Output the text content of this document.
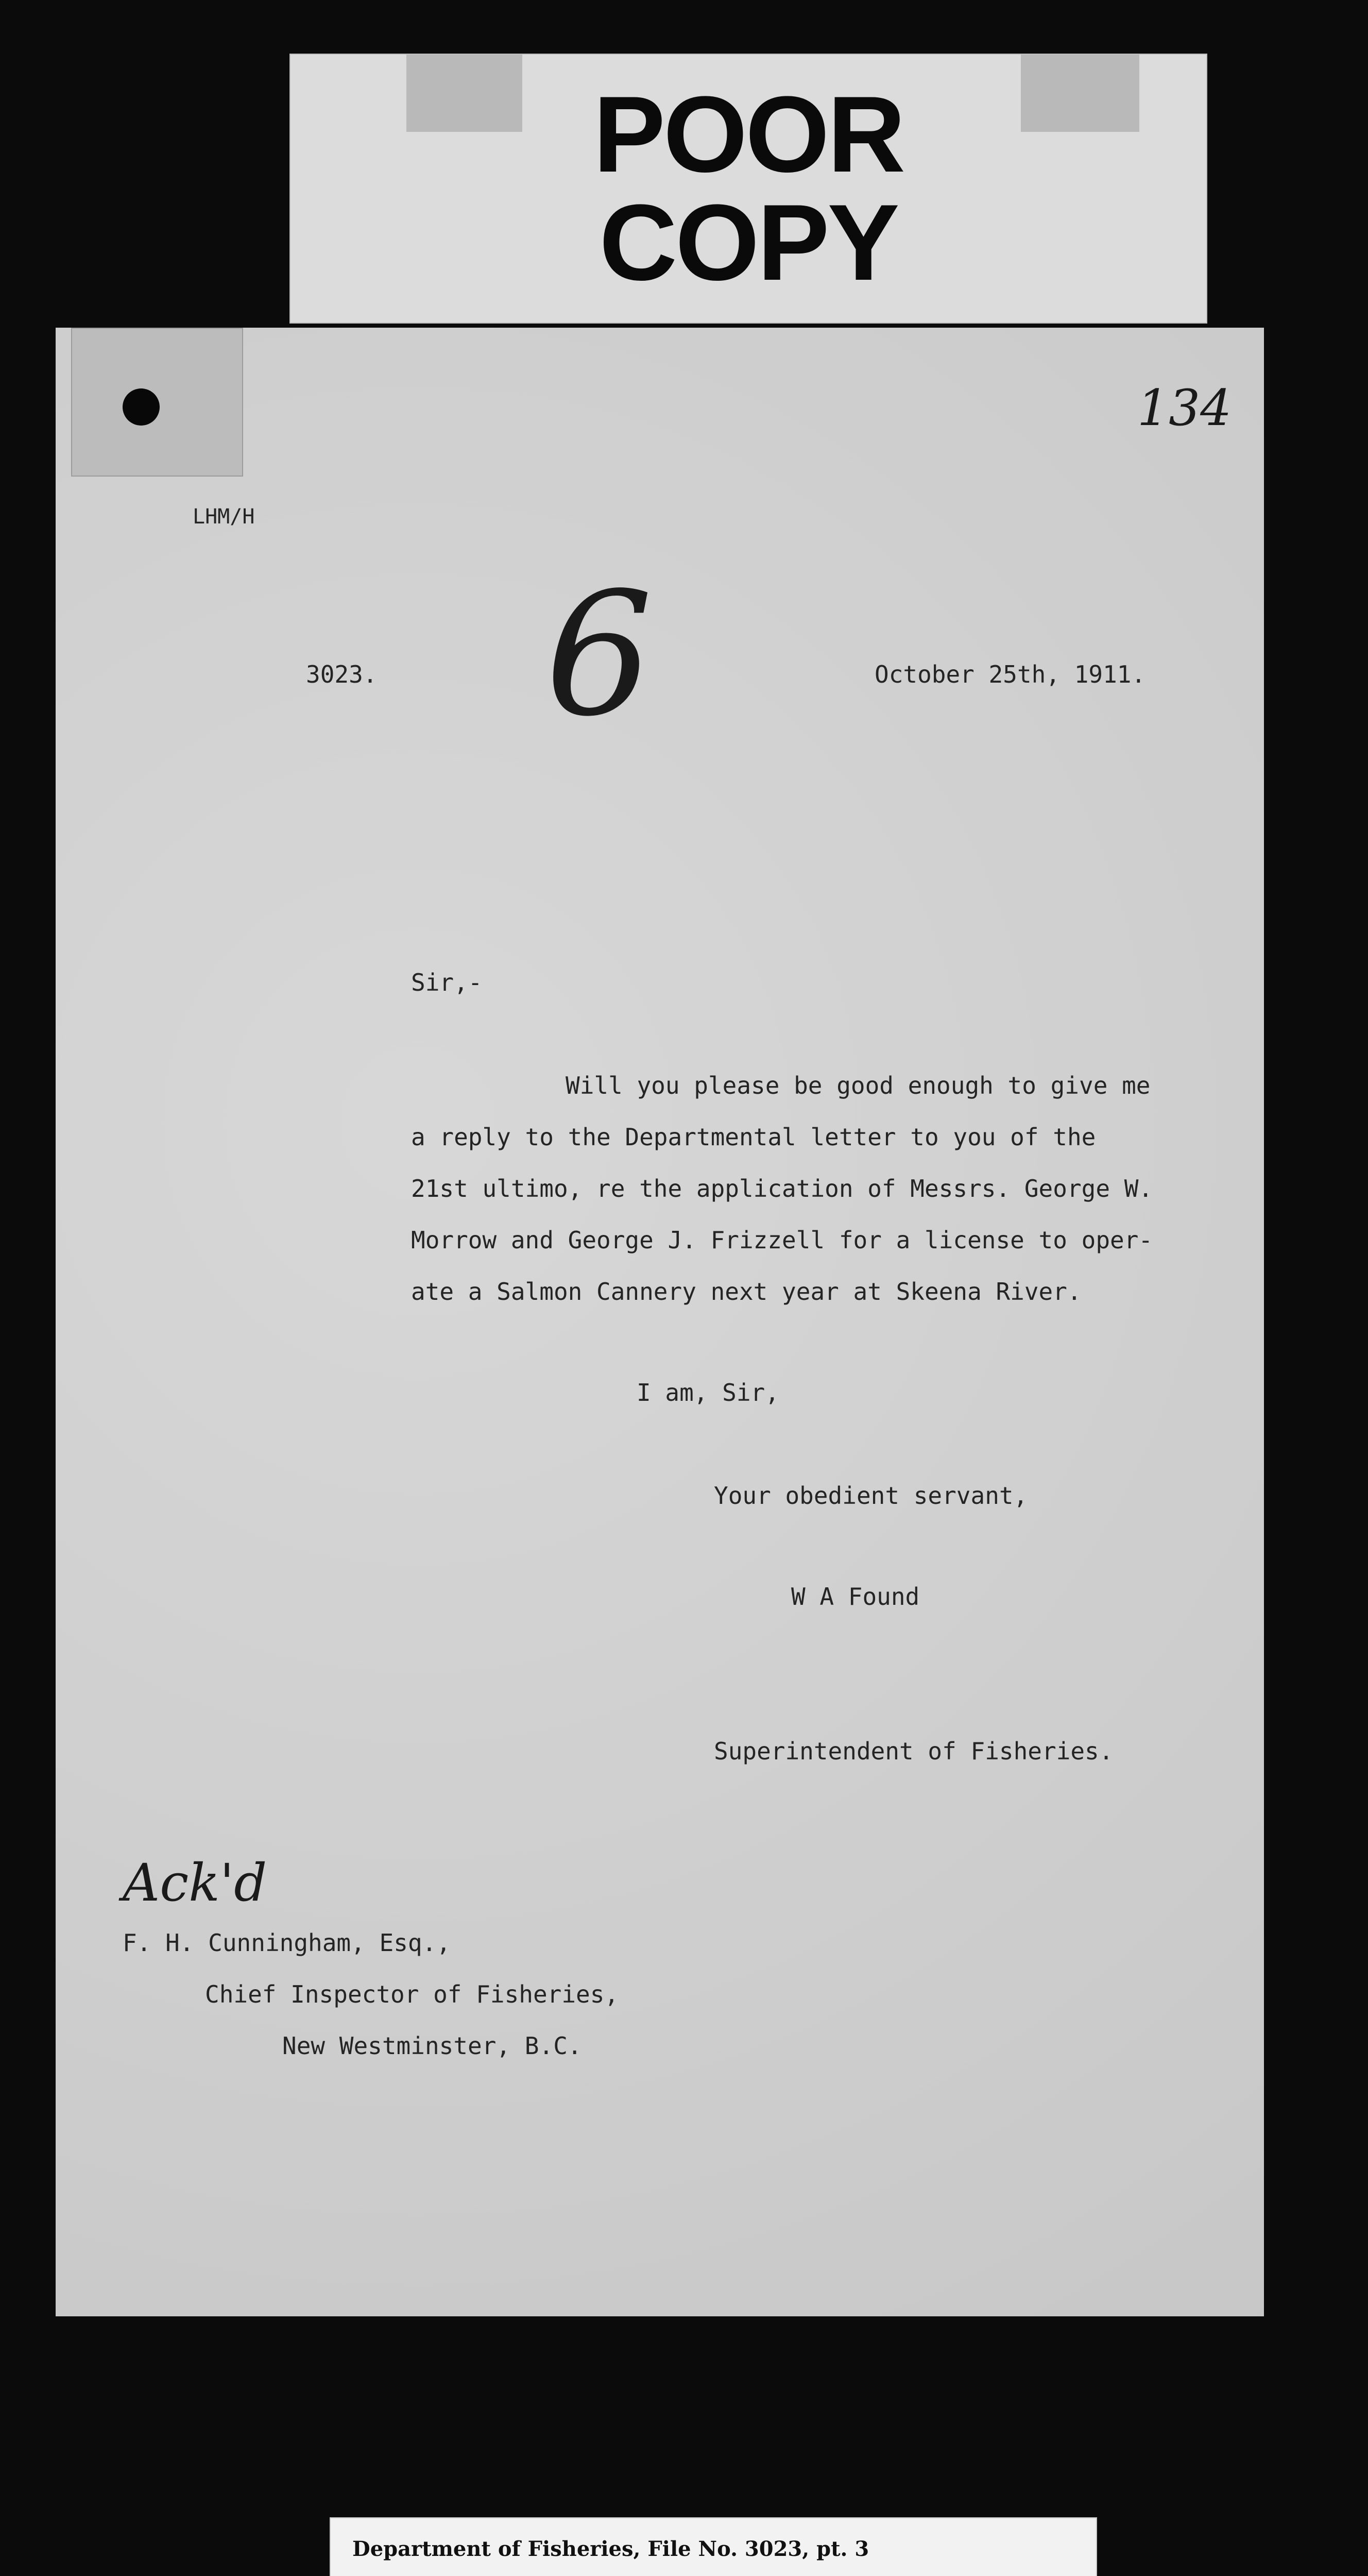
POOR
COPY
134
LHM/H
3023. 6	October 25th, 1911.
Sir,-
Will you please be good enough to give me
a reply to the Departmental letter to you of the
21st ultimo, re the application of Messrs. George W.
Morrow and George J. Frizzell for a license to oper-
ate a Salmon Cannery next year at Skeena River.
I am, Sir,
Your obedient servant,
W A Found
Superintendent of Fisheries.
Ack'd
F. H. Cunningham, Esq.,
Chief Inspector of Fisheries,
New Westminster, B.C.
Department of Fisheries, File No. 3023, pt. 3
